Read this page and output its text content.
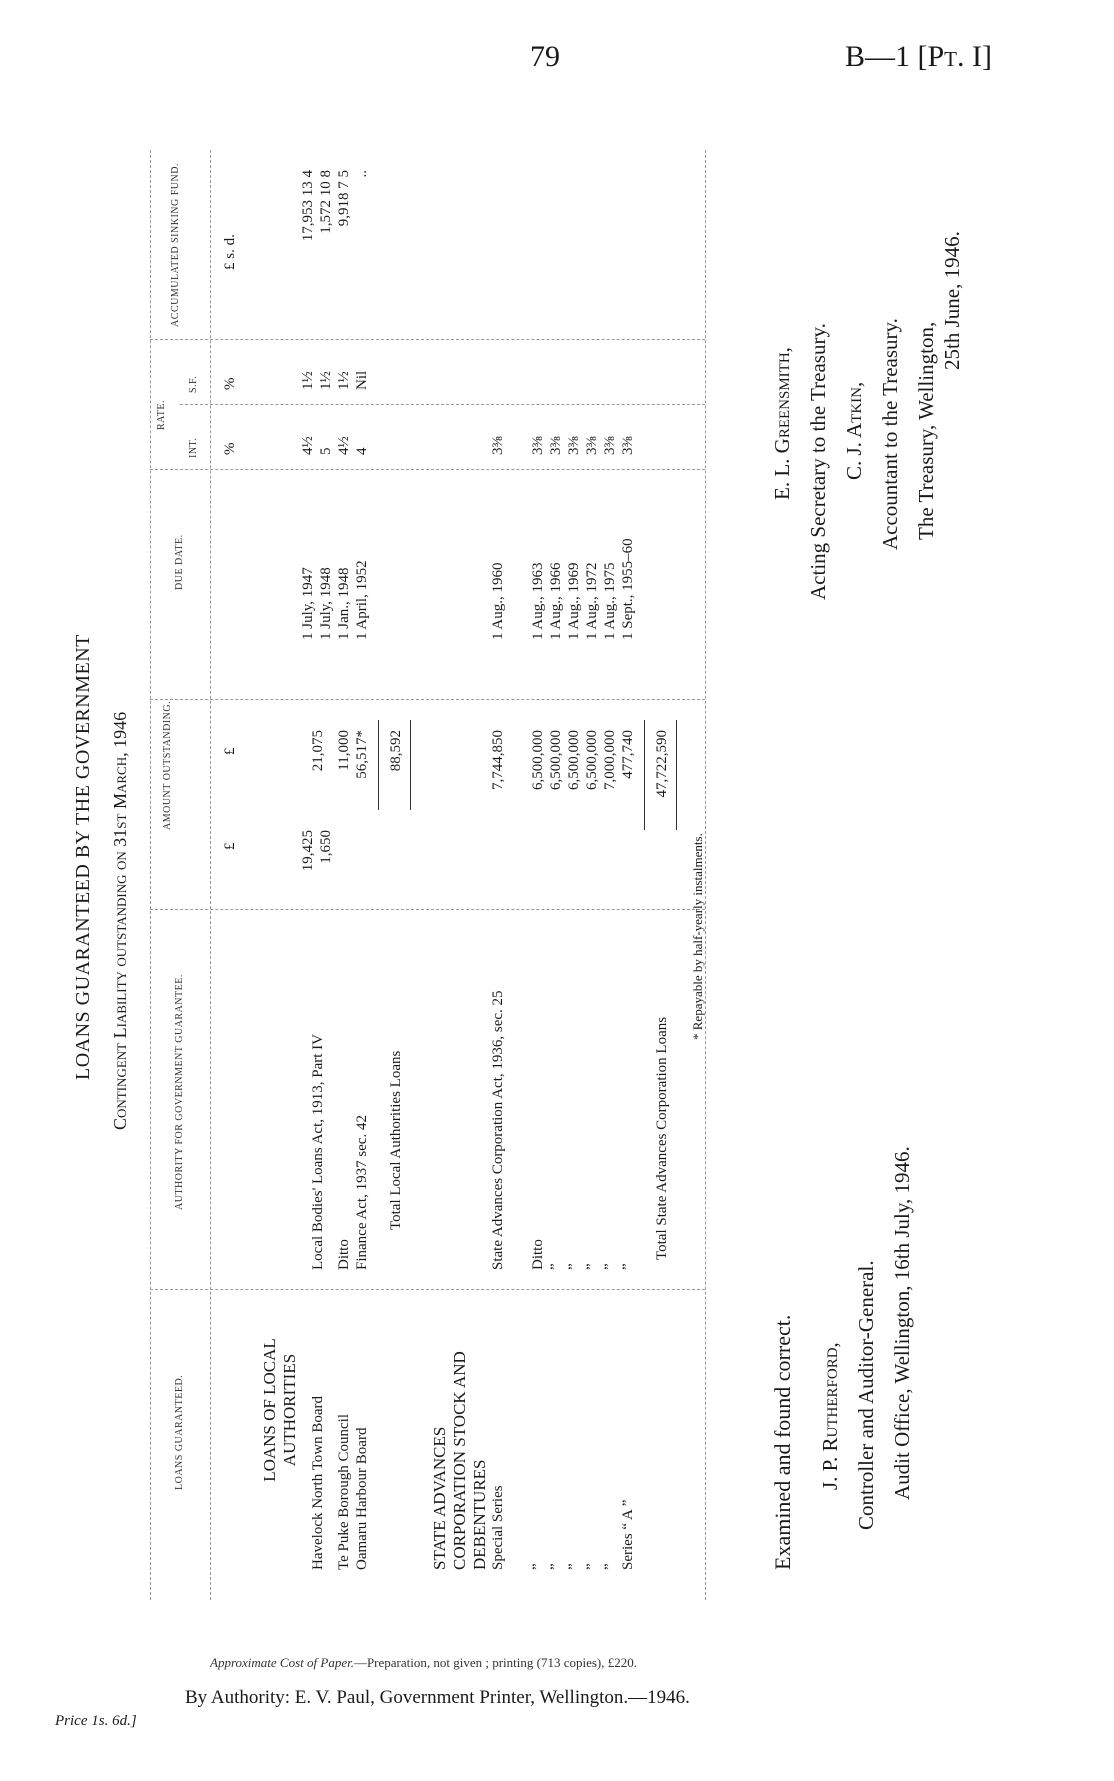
79	B—1 [Pt. I]
LOANS GUARANTEED BY THE GOVERNMENT Contingent Liability outstanding on 31st March, 1946
LOANS GUARANTEED.
AUTHORITY FOR GOVERNMENT GUARANTEE.
AMOUNT OUTSTANDING.
DUE DATE.
RATE.
INT.
S.F.
ACCUMULATED SINKING FUND.
£
£
%
%
£ s. d.
LOANS OF LOCAL AUTHORITIES Havelock North Town Board
Local Bodies' Loans Act, 1913, Part IV
19,425 1,650
21,075
1 July, 1947 1 July, 1948
4½ 5
1½ 1½
17,953 13 4 1,572 10 8
Te Puke Borough Council
Ditto
11,000
1 Jan., 1948
4½
1½
9,918 7 5
Oamaru Harbour Board
Finance Act, 1937 sec. 42
56,517*
1 April, 1952
4
Nil
..
Total Local Authorities Loans
88,592
STATE ADVANCES CORPORATION STOCK AND DEBENTURES Special Series
State Advances Corporation Act, 1936, sec. 25
7,744,850
1 Aug., 1960
3⅜
”
Ditto
6,500,000
1 Aug., 1963
3⅜
”
”
6,500,000
1 Aug., 1966
3⅜
”
”
6,500,000
1 Aug., 1969
3⅜
”
”
6,500,000
1 Aug., 1972
3⅜
”
”
7,000,000
1 Aug., 1975
3⅜
Series “ A ”
”
477,740
1 Sept., 1955–60
3⅜
Total State Advances Corporation Loans
47,722,590
* Repayable by half-yearly instalments.
Examined and found correct. J. P. Rutherford, Controller and Auditor-General. Audit Office, Wellington, 16th July, 1946.
E. L. Greensmith, Acting Secretary to the Treasury. C. J. Atkin, Accountant to the Treasury. The Treasury, Wellington,
25th June, 1946.
Approximate Cost of Paper.—Preparation, not given ; printing (713 copies), £220.
By Authority: E. V. Paul, Government Printer, Wellington.—1946.
Price 1s. 6d.]
